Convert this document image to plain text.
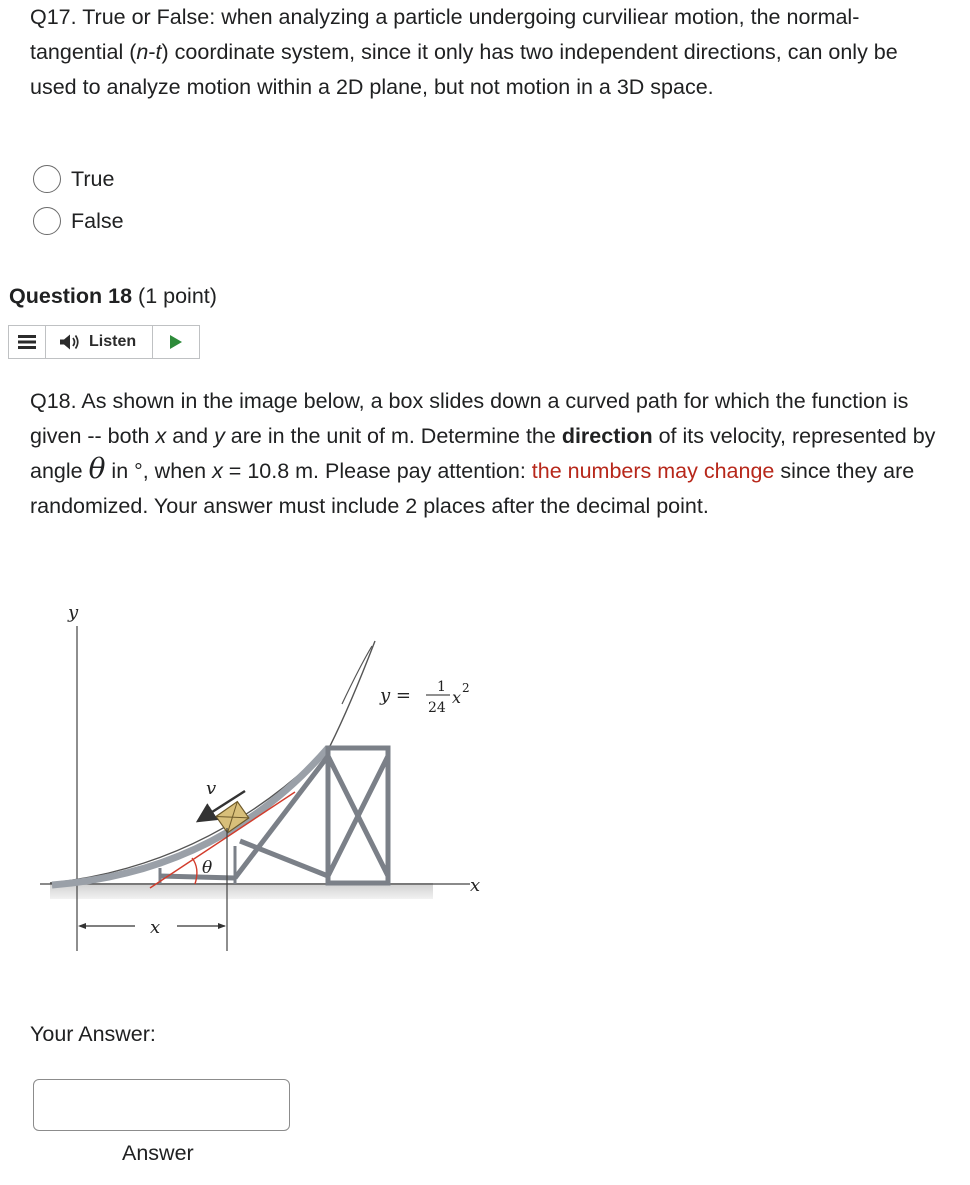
Q17. True or False: when analyzing a particle undergoing curviliear motion, the normal-tangential (n-t) coordinate system, since it only has two independent directions, can only be used to analyze motion within a 2D plane, but not motion in a 3D space.
True
False
Question 18 (1 point)
Listen
Q18. As shown in the image below, a box slides down a curved path for which the function is given -- both x and y are in the unit of m. Determine the direction of its velocity, represented by angle θ in °, when x = 10.8 m. Please pay attention: the numbers may change since they are randomized. Your answer must include 2 places after the decimal point.
x
y
v
θ
y = 1
24
x 2
x
Your Answer:
Answer
